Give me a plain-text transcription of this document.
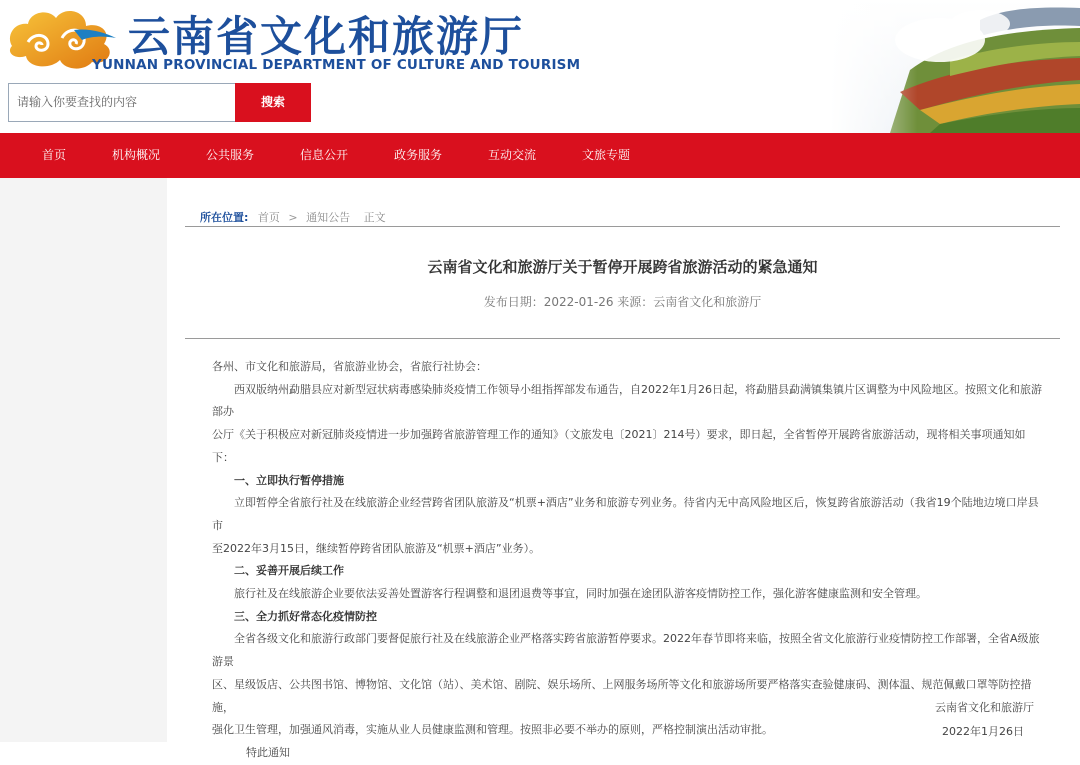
云南省文化和旅游厅
YUNNAN PROVINCIAL DEPARTMENT OF CULTURE AND TOURISM
请输入你要查找的内容	搜索
首页	机构概况	公共服务	信息公开	政务服务	互动交流	文旅专题
所在位置: 首页 > 通知公告 正文
云南省文化和旅游厅关于暂停开展跨省旅游活动的紧急通知
发布日期：2022-01-26 来源：云南省文化和旅游厅

各州、市文化和旅游局，省旅游业协会，省旅行社协会：

西双版纳州勐腊县应对新型冠状病毒感染肺炎疫情工作领导小组指挥部发布通告，自2022年1月26日起，将勐腊县勐满镇集镇片区调整为中风险地区。按照文化和旅游部办

公厅《关于积极应对新冠肺炎疫情进一步加强跨省旅游管理工作的通知》（文旅发电〔2021〕214号）要求，即日起，全省暂停开展跨省旅游活动，现将相关事项通知如下：

一、立即执行暂停措施

立即暂停全省旅行社及在线旅游企业经营跨省团队旅游及“机票+酒店”业务和旅游专列业务。待省内无中高风险地区后，恢复跨省旅游活动（我省19个陆地边境口岸县市

至2022年3月15日，继续暂停跨省团队旅游及“机票+酒店”业务）。

二、妥善开展后续工作

旅行社及在线旅游企业要依法妥善处置游客行程调整和退团退费等事宜，同时加强在途团队游客疫情防控工作，强化游客健康监测和安全管理。

三、全力抓好常态化疫情防控

全省各级文化和旅游行政部门要督促旅行社及在线旅游企业严格落实跨省旅游暂停要求。2022年春节即将来临，按照全省文化旅游行业疫情防控工作部署，全省A级旅游景

区、星级饭店、公共图书馆、博物馆、文化馆（站）、美术馆、剧院、娱乐场所、上网服务场所等文化和旅游场所要严格落实查验健康码、测体温、规范佩戴口罩等防控措施，

强化卫生管理，加强通风消毒，实施从业人员健康监测和管理。按照非必要不举办的原则，严格控制演出活动审批。

特此通知

云南省文化和旅游厅
2022年1月26日
